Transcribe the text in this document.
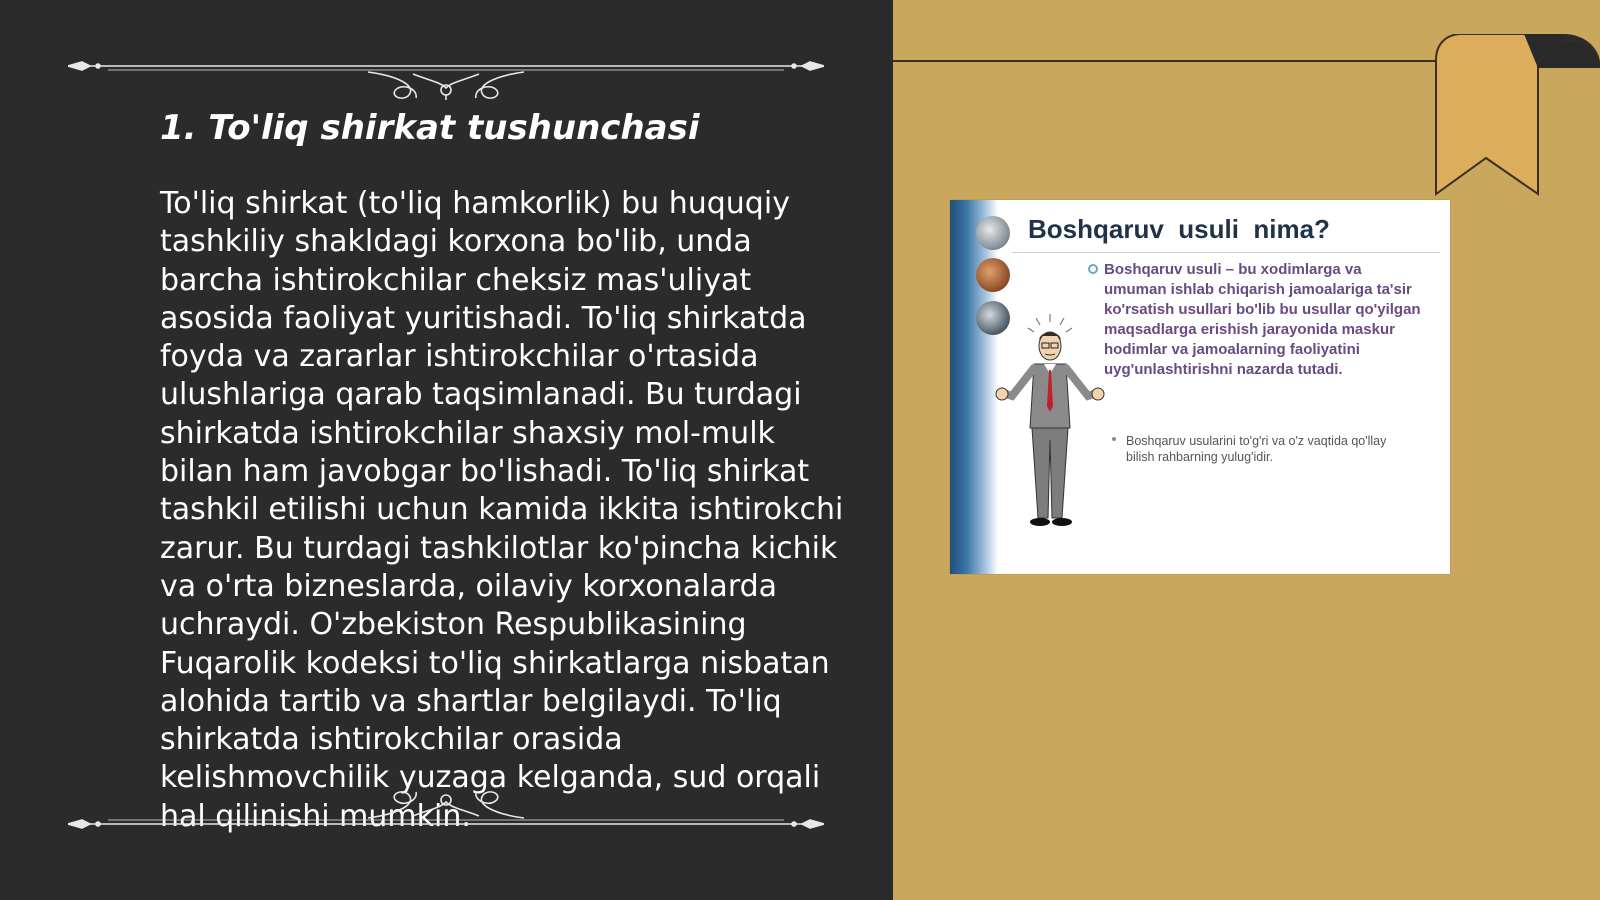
1. To'liq shirkat tushunchasi

To'liq shirkat (to'liq hamkorlik) bu huquqiy tashkiliy shakldagi korxona bo'lib, unda barcha ishtirokchilar cheksiz mas'uliyat asosida faoliyat yuritishadi. To'liq shirkatda foyda va zararlar ishtirokchilar o'rtasida ulushlariga qarab taqsimlanadi. Bu turdagi shirkatda ishtirokchilar shaxsiy mol-mulk bilan ham javobgar bo'lishadi. To'liq shirkat tashkil etilishi uchun kamida ikkita ishtirokchi zarur. Bu turdagi tashkilotlar ko'pincha kichik va o'rta bizneslarda, oilaviy korxonalarda uchraydi. O'zbekiston Respublikasining Fuqarolik kodeksi to'liq shirkatlarga nisbatan alohida tartib va shartlar belgilaydi. To'liq shirkatda ishtirokchilar orasida kelishmovchilik yuzaga kelganda, sud orqali hal qilinishi mumkin.

Boshqaruv  usuli  nima?

Boshqaruv usuli – bu xodimlarga va umuman ishlab chiqarish jamoalariga ta'sir ko'rsatish usullari bo'lib bu usullar qo'yilgan maqsadlarga erishish jarayonida maskur hodimlar va jamoalarning faoliyatini uyg'unlashtirishni nazarda tutadi.

Boshqaruv usularini to'g'ri va o'z vaqtida qo'llay bilish rahbarning yulug'idir.
